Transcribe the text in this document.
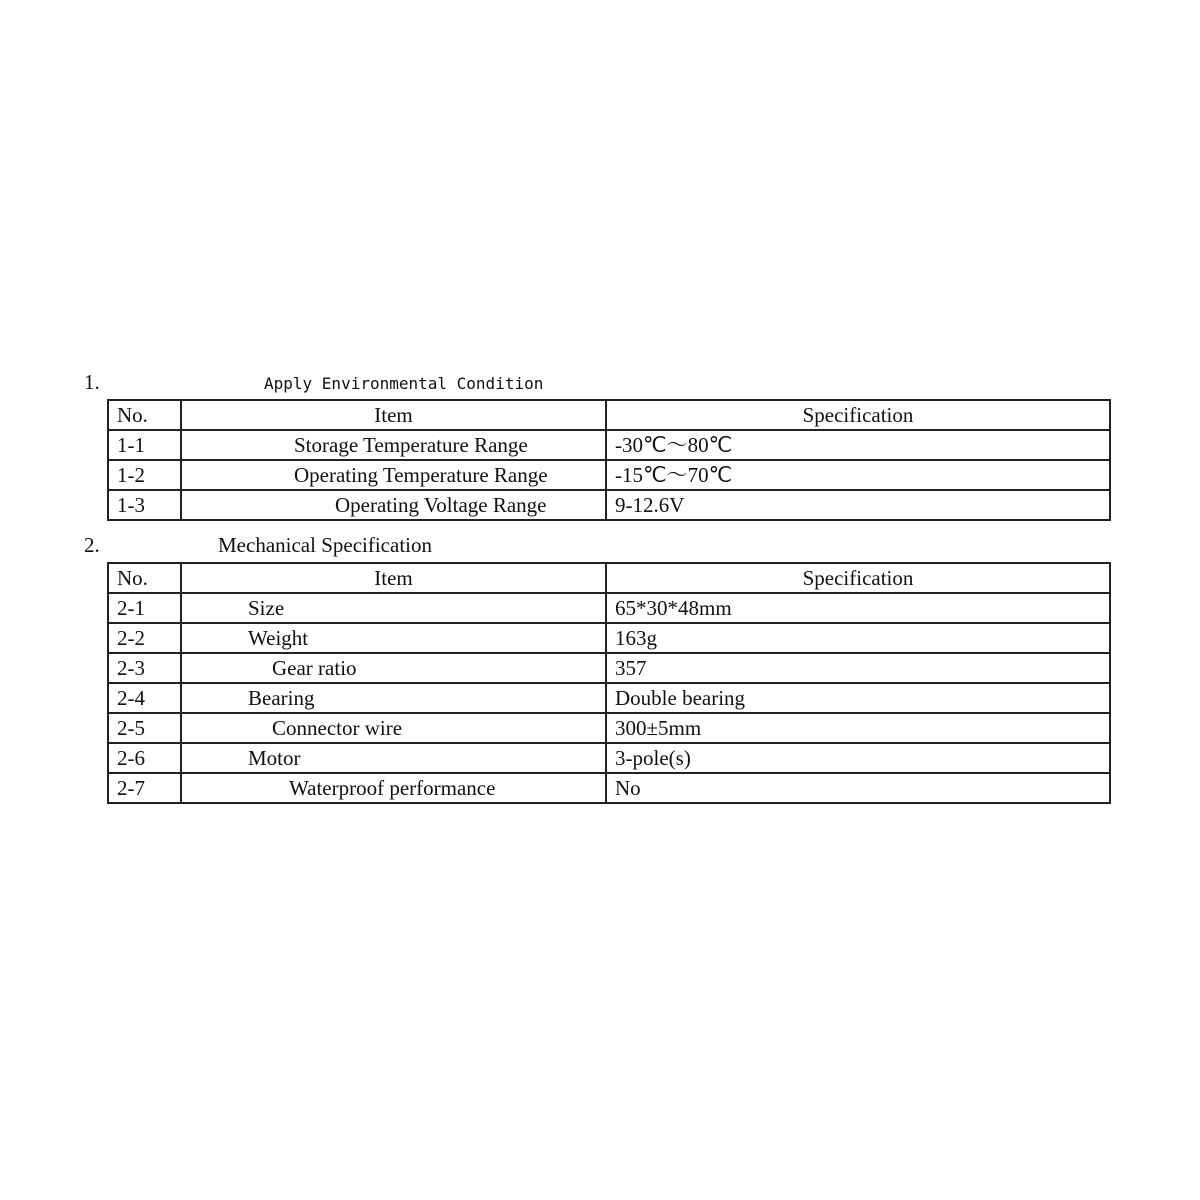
1.	Apply Environmental Condition
No.	Item	Specification
1-1	Storage Temperature Range	-30℃～80℃
1-2	Operating Temperature Range	-15℃～70℃
1-3	Operating Voltage Range	9-12.6V
2.	Mechanical Specification
No.	Item	Specification
2-1	Size	65*30*48mm
2-2	Weight	163g
2-3	Gear ratio	357
2-4	Bearing	Double bearing
2-5	Connector wire	300±5mm
2-6	Motor	3-pole(s)
2-7	Waterproof performance	No
